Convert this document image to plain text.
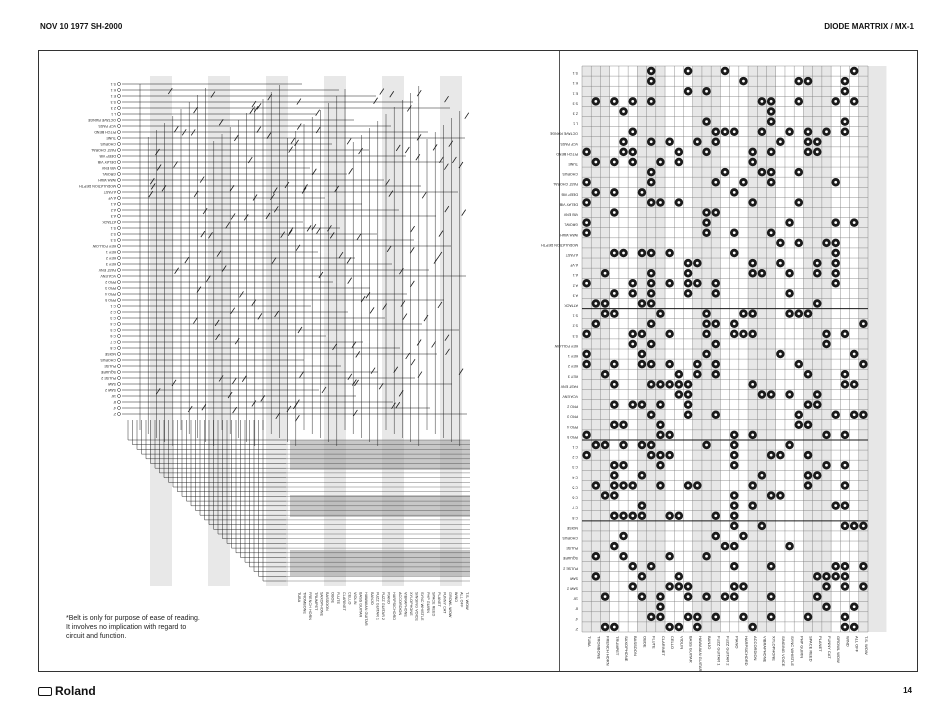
NOV 10 1977 SH-2000	DIODE MARTRIX / MX-1
S 1
K 1
E 1
S 3
Z 3
L 1
OCTAVE RANGE
VCF PASS
PITCH BEND
TUNE
CHORUS
FAST CHORAL
DEEP VIB
DELAY VIB
VIB ENV
GROWL
WAH-WAH
MODULATION DEPTH
A FAST
A VF
A 1
A 2
A 3
ATTACK
S 1
S 2
S 3
KEY FOLLOW
KEY 1
KEY 2
KEY 3
FAST ENV
VCA ENV
PRO 2
PRO 3
PRO 4
PRO 5
C 1
C 2
C 3
C 4
C 5
C 6
C 7
C 8
NOISE
CHORUS
PULSE
SQUARE
PULSE 2
SAW
SAW 2
16'
8'
4'
2'
TUBA TROMBONE FRENCH HORN TRUMPET SAXOPHONE BASSOON OBOE FLUTE CLARINET CELLO VIOLIN BASS GUITAR HAWAIIAN GUITAR BANJO FUZZ GUITAR 1 FUZZ GUITAR 2 PIANO HARPSICHORD ACCORDION VIBRAPHONE XYLOPHONE SINGING VOICE SYNC WHISTLE PHP GUIRN SPACE REED PLANET FUNNY CAT GROWL WOW WIND ALL OFF T.S. WOW
S 1
K 1
E 1
S 3
Z 3
L 1
OCTAVE RANGE
VCF PASS
PITCH BEND
TUNE
CHORUS
FAST CHORAL
DEEP VIB
DELAY VIB
VIB ENV
GROWL
WAH-WAH
MODULATION DEPTH
A FAST
A VF
A 1
A 2
A 3
ATTACK
S 1
S 2
S 3
KEY FOLLOW
KEY 1
KEY 2
KEY 3
FAST ENV
VCA ENV
PRO 2
PRO 3
PRO 4
PRO 5
C 1
C 2
C 3
C 4
C 5
C 6
C 7
C 8
NOISE
CHORUS
PULSE
SQUARE
PULSE 2
SAW
SAW 2
16'
8'
4'
2'
TUBA TROMBONE FRENCH HORN TRUMPET SAXOPHONE BASSOON OBOE FLUTE CLARINET CELLO VIOLIN BASS GUITAR HAWAIIAN GUITAR BANJO FUZZ GUITAR 1 FUZZ GUITAR 2 PIANO HARPSICHORD ACCORDION VIBRAPHONE XYLOPHONE SINGING VOICE SYNC WHISTLE PHP GUIRN SPACE REED PLANET FUNNY CAT GROWL WOW WIND ALL OFF T.S. WOW
*Belt is only for purpose of ease of reading.
It involves no implication with regard to
circuit and function.
Roland	14
